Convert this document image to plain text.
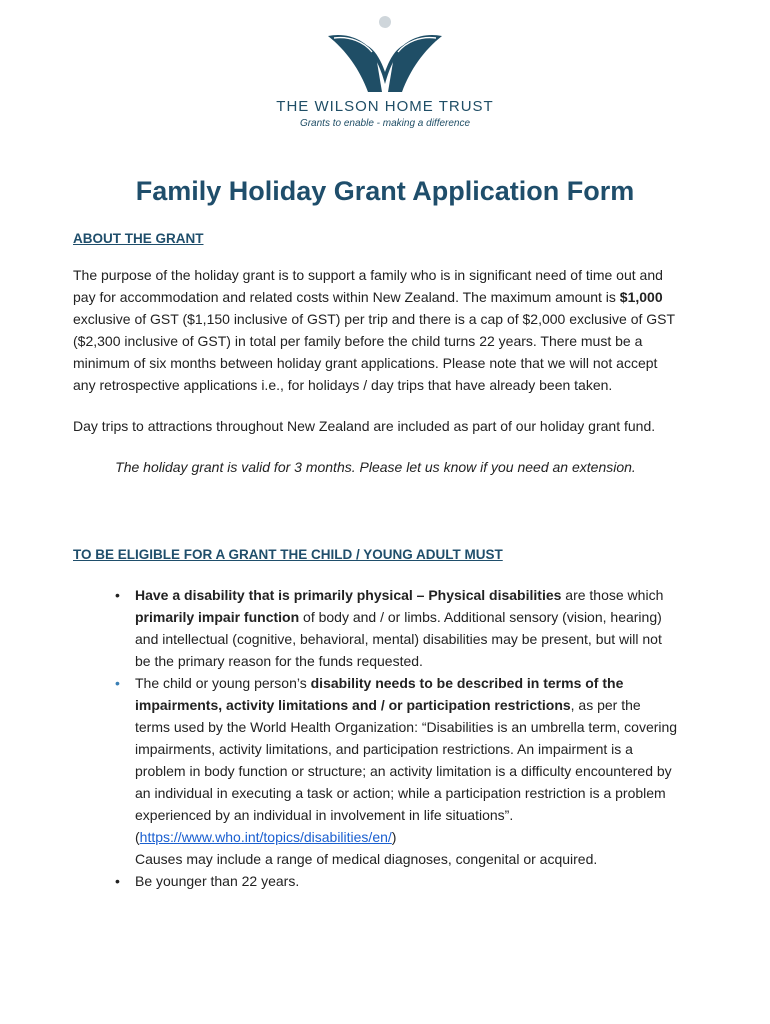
THE WILSON HOME TRUST
Grants to enable - making a difference
Family Holiday Grant Application Form
ABOUT THE GRANT

The purpose of the holiday grant is to support a family who is in significant need of time out and pay for accommodation and related costs within New Zealand. The maximum amount is $1,000 exclusive of GST ($1,150 inclusive of GST) per trip and there is a cap of $2,000 exclusive of GST ($2,300 inclusive of GST) in total per family before the child turns 22 years. There must be a minimum of six months between holiday grant applications. Please note that we will not accept any retrospective applications i.e., for holidays / day trips that have already been taken.

Day trips to attractions throughout New Zealand are included as part of our holiday grant fund.

The holiday grant is valid for 3 months. Please let us know if you need an extension.

TO BE ELIGIBLE FOR A GRANT THE CHILD / YOUNG ADULT MUST
• Have a disability that is primarily physical – Physical disabilities are those which primarily impair function of body and / or limbs. Additional sensory (vision, hearing) and intellectual (cognitive, behavioral, mental) disabilities may be present, but will not be the primary reason for the funds requested.
• The child or young person’s disability needs to be described in terms of the impairments, activity limitations and / or participation restrictions, as per the terms used by the World Health Organization: “Disabilities is an umbrella term, covering impairments, activity limitations, and participation restrictions. An impairment is a problem in body function or structure; an activity limitation is a difficulty encountered by an individual in executing a task or action; while a participation restriction is a problem experienced by an individual in involvement in life situations”. (https://www.who.int/topics/disabilities/en/)
Causes may include a range of medical diagnoses, congenital or acquired.
• Be younger than 22 years.
